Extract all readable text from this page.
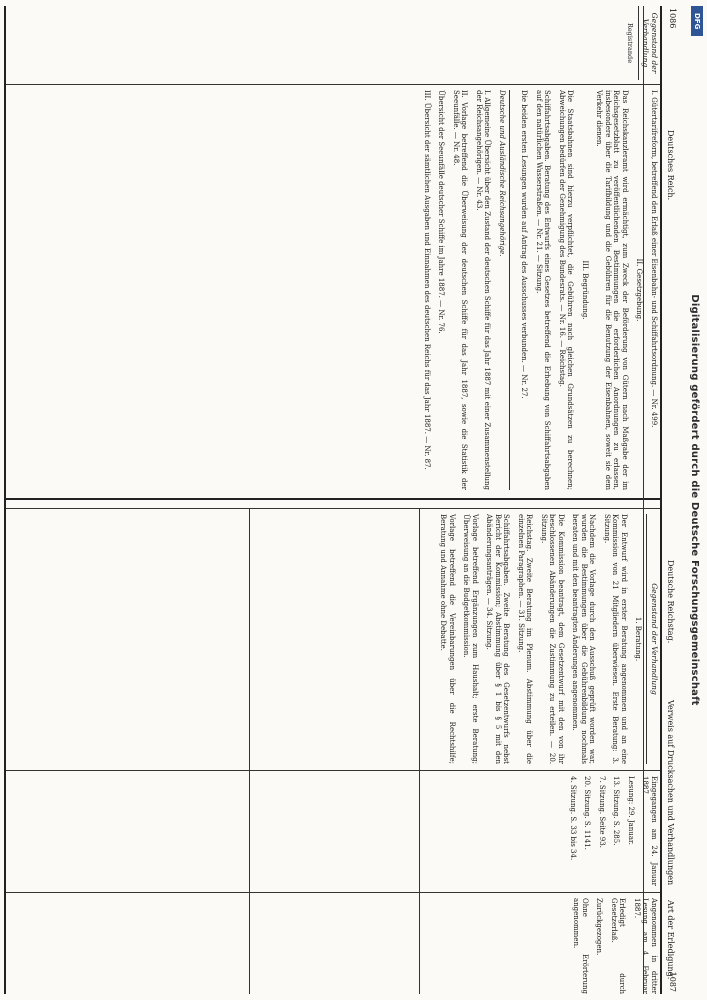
1086
1087
Deutsches Reich.
Deutsche Reichstag.
Verweis auf Drucksachen und Verhandlungen
Art der Erledigung.
Gegenstand der Verhandlung
Registrande
I. Gütertarifreform, betreffend den Erlaß einer Eisenbahn- und Schiffahrtsordnung. — Nr. 499.
II. Gesetzgebung.
Das Reichskanzleramt wird ermächtigt, zum Zweck der Beförderung von Gütern nach Maßgabe der im Reichsgesetzblatt zu veröffentlichenden Bestimmungen die erforderlichen Anordnungen zu erlassen, insbesondere über die Tarifbildung und die Gebühren für die Benutzung der Eisenbahnen, soweit sie dem Verkehr dienen.
III. Begründung.
Die Staatsbahnen sind hierzu verpflichtet, die Gebühren nach gleichen Grundsätzen zu berechnen; Abweichungen bedürfen der Genehmigung des Bundesrats. — Nr. 16. — Reichstag.
Schiffahrtsabgaben. Beratung des Entwurfs eines Gesetzes betreffend die Erhebung von Schiffahrtsabgaben auf den natürlichen Wasserstraßen. — Nr. 21. — Sitzung.
Die beiden ersten Lesungen wurden auf Antrag des Ausschusses verbunden. — Nr. 27.
Deutsche und Ausländische Reichsangehörige.
I. Allgemeine Übersicht über den Zustand der deutschen Schiffe für das Jahr 1887 mit einer Zusammenstellung der Reichsangehörigen. — Nr. 43.
II. Vorlage betreffend die Überweisung der deutschen Schiffe für das Jahr 1887, sowie die Statistik der Seeunfälle. — Nr. 48.
Übersicht der Seeunfälle deutscher Schiffe im Jahre 1887. — Nr. 76.
III. Übersicht der sämtlichen Ausgaben und Einnahmen des deutschen Reichs für das Jahr 1887. — Nr. 87.
Gegenstand der Verhandlung
1. Beratung.
Der Entwurf wird in erster Beratung angenommen und an eine Kommission von 21 Mitgliedern überwiesen. Erste Beratung: 3. Sitzung.
Nachdem die Vorlage durch den Ausschuß geprüft worden war, wurden die Bestimmungen über die Gebührenbildung nochmals beraten und mit den beantragten Änderungen angenommen.
Die Kommission beantragt, dem Gesetzentwurf mit den von ihr beschlossenen Abänderungen die Zustimmung zu erteilen. — 20. Sitzung.
Reichstag. Zweite Beratung im Plenum. Abstimmung über die einzelnen Paragraphen. — 31. Sitzung.
Schiffahrtsabgaben. Zweite Beratung des Gesetzentwurfs nebst Bericht der Kommission; Abstimmung über § 1 bis § 5 mit den Abänderungsanträgen. — 34. Sitzung.
Vorlage betreffend Ergänzungen zum Haushalt; erste Beratung; Überweisung an die Budgetkommission.
Vorlage betreffend die Vereinbarungen über die Rechtshilfe; Beratung und Annahme ohne Debatte.
Eingegangen am 24. Januar 1887.
Lesung: 29. Januar.
13. Sitzung. S. 285.
7. Sitzung. Seite 93.
20. Sitzung. S. 1141.
4. Sitzung. S. 33 bis 34.
Angenommen in dritter Lesung am 4. Februar 1887.
Erledigt durch Gesetzerlaß.
Zurückgezogen.
Ohne Erörterung angenommen.
Digitalisierung gefördert durch die Deutsche Forschungsgemeinschaft
DFG
